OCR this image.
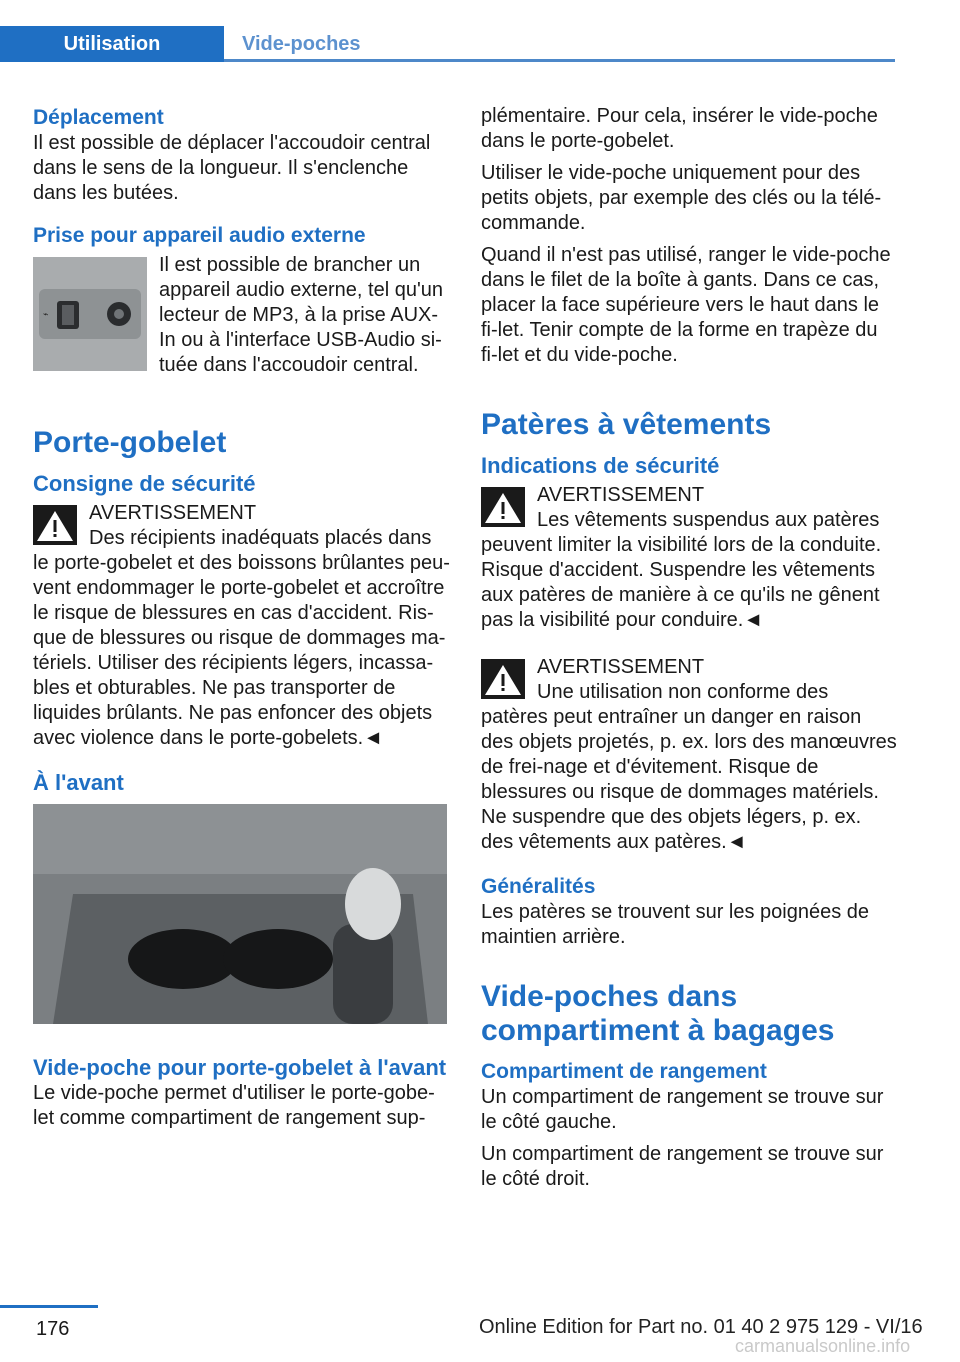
Utilisation	Vide-poches
Déplacement

Il est possible de déplacer l'accoudoir central dans le sens de la longueur. Il s'enclenche dans les butées.

Prise pour appareil audio externe
⌁

Il est possible de brancher un appareil audio externe, tel qu'un lecteur de MP3, à la prise AUX-In ou à l'interface USB-Audio si-tuée dans l'accoudoir central.

Porte-gobelet
Consigne de sécurité
AVERTISSEMENT

Des récipients inadéquats placés dans le porte-gobelet et des boissons brûlantes peu-vent endommager le porte-gobelet et accroître le risque de blessures en cas d'accident. Ris-que de blessures ou risque de dommages ma-tériels. Utiliser des récipients légers, incassa-bles et obturables. Ne pas transporter de liquides brûlants. Ne pas enfoncer des objets avec violence dans le porte-gobelets.◄

À l'avant
Vide-poche pour porte-gobelet à l'avant

Le vide-poche permet d'utiliser le porte-gobe-let comme compartiment de rangement sup-

plémentaire. Pour cela, insérer le vide-poche dans le porte-gobelet.

Utiliser le vide-poche uniquement pour des petits objets, par exemple des clés ou la télé-commande.

Quand il n'est pas utilisé, ranger le vide-poche dans le filet de la boîte à gants. Dans ce cas, placer la face supérieure vers le haut dans le fi-let. Tenir compte de la forme en trapèze du fi-let et du vide-poche.

Patères à vêtements
Indications de sécurité
AVERTISSEMENT

Les vêtements suspendus aux patères peuvent limiter la visibilité lors de la conduite. Risque d'accident. Suspendre les vêtements aux patères de manière à ce qu'ils ne gênent pas la visibilité pour conduire.◄

AVERTISSEMENT

Une utilisation non conforme des patères peut entraîner un danger en raison des objets projetés, p. ex. lors des manœuvres de frei-nage et d'évitement. Risque de blessures ou risque de dommages matériels. Ne suspendre que des objets légers, p. ex. des vêtements aux patères.◄

Généralités

Les patères se trouvent sur les poignées de maintien arrière.

Vide-poches dans compartiment à bagages
Compartiment de rangement

Un compartiment de rangement se trouve sur le côté gauche.

Un compartiment de rangement se trouve sur le côté droit.

176	Online Edition for Part no. 01 40 2 975 129 - VI/16
carmanualsonline.info
